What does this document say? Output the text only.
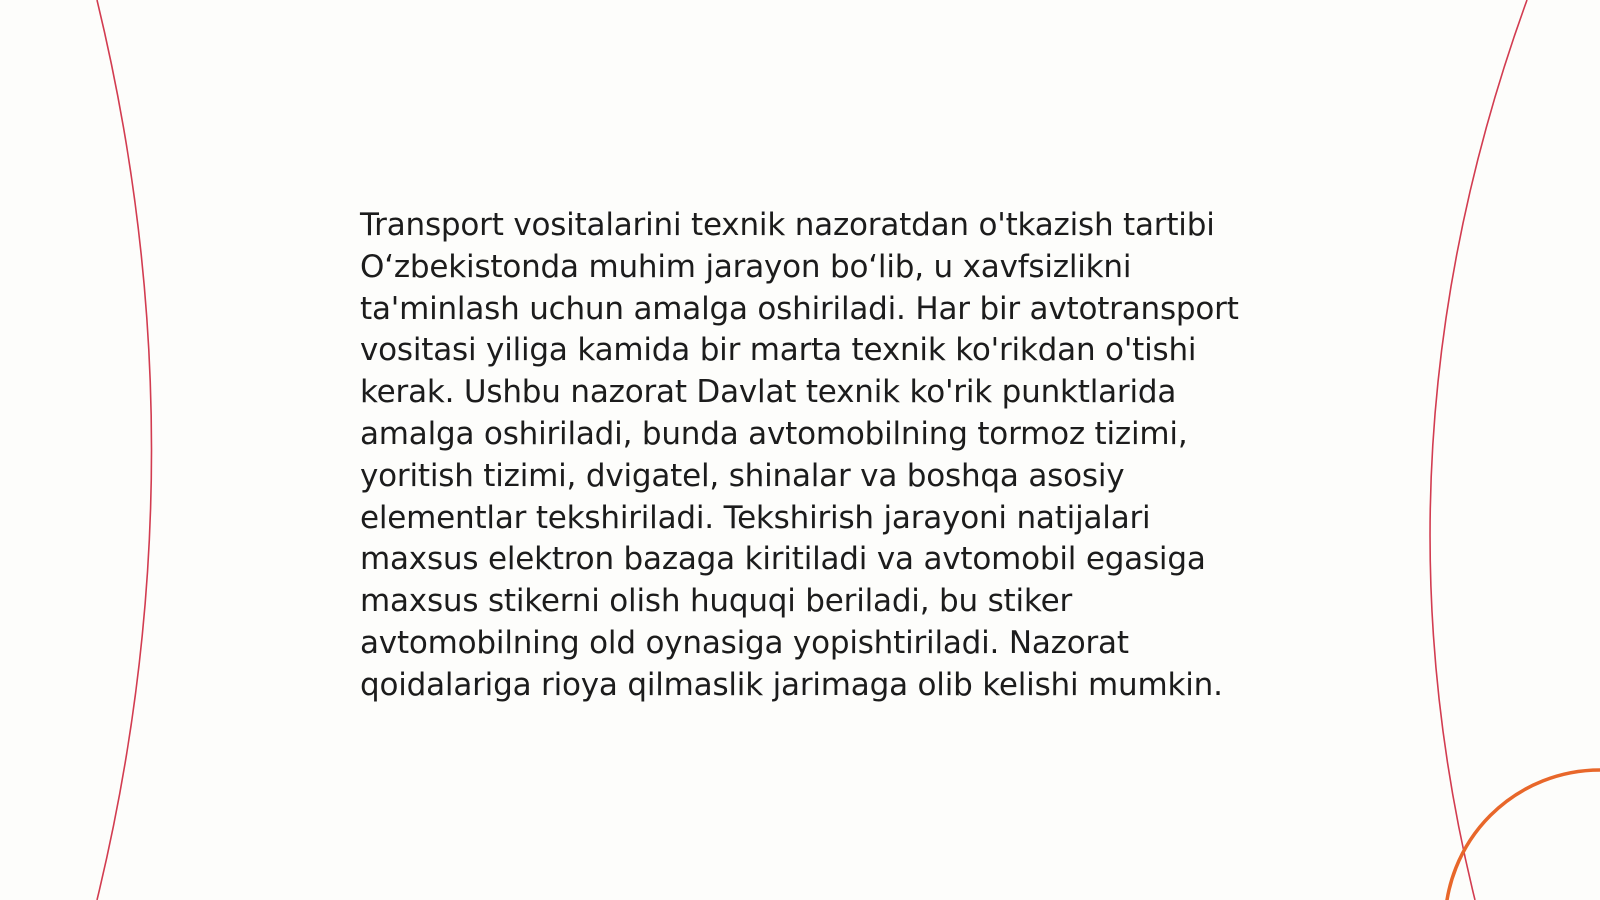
Transport vositalarini texnik nazoratdan o'tkazish tartibi O‘zbekistonda muhim jarayon bo‘lib, u xavfsizlikni ta'minlash uchun amalga oshiriladi. Har bir avtotransport vositasi yiliga kamida bir marta texnik ko'rikdan o'tishi kerak. Ushbu nazorat Davlat texnik ko'rik punktlarida amalga oshiriladi, bunda avtomobilning tormoz tizimi, yoritish tizimi, dvigatel, shinalar va boshqa asosiy elementlar tekshiriladi. Tekshirish jarayoni natijalari maxsus elektron bazaga kiritiladi va avtomobil egasiga maxsus stikerni olish huquqi beriladi, bu stiker avtomobilning old oynasiga yopishtiriladi. Nazorat qoidalariga rioya qilmaslik jarimaga olib kelishi mumkin.
